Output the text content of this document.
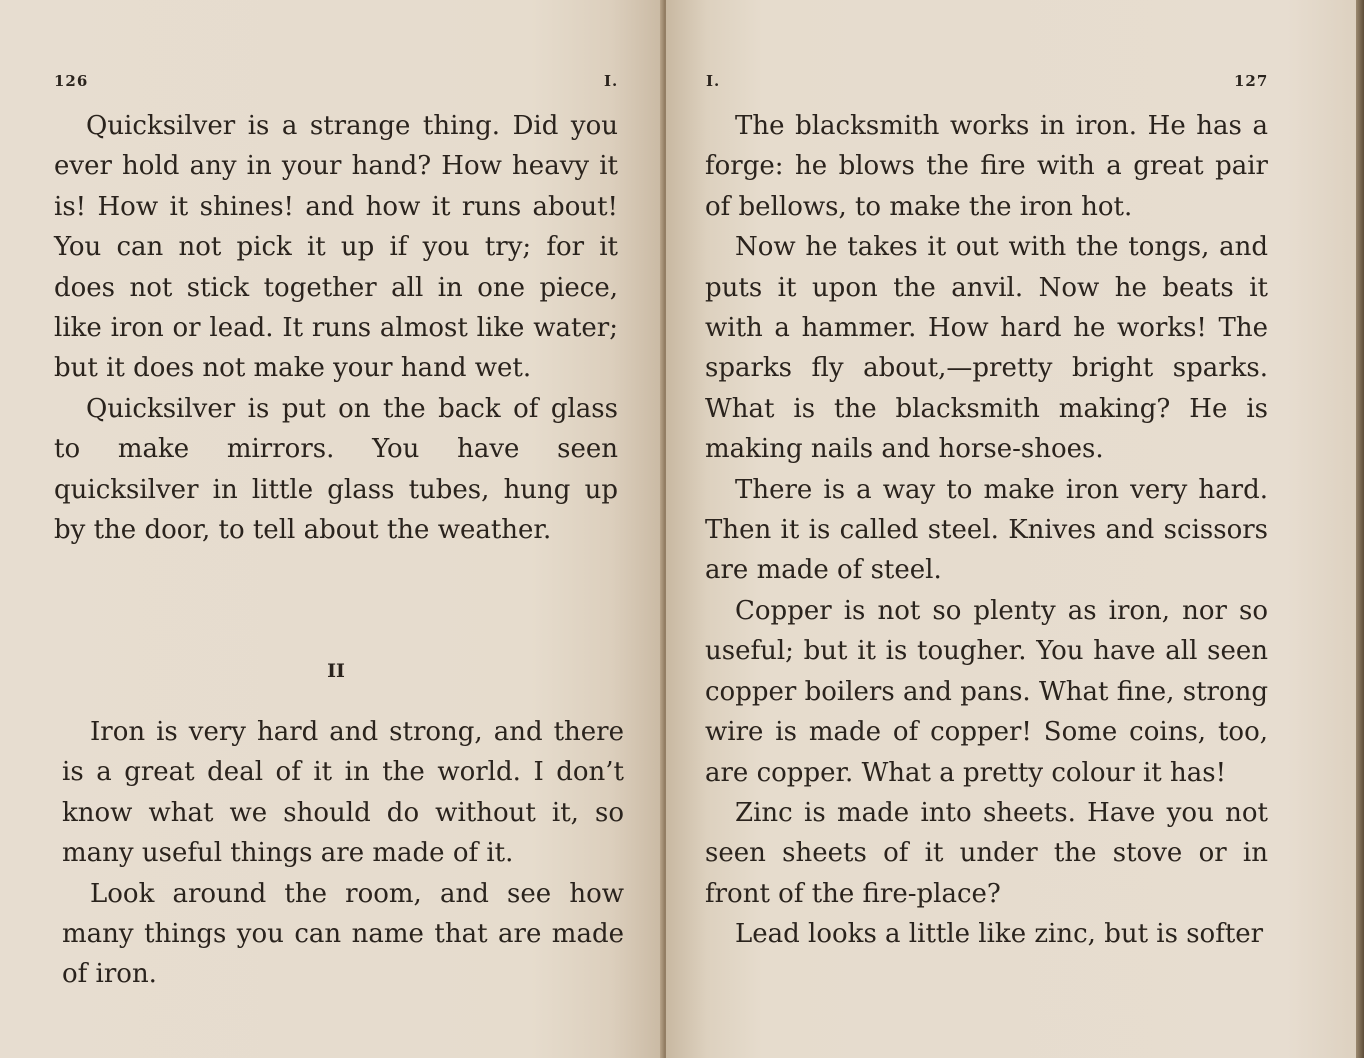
126	I.

Quicksilver is a strange thing. Did you ever hold any in your hand? How heavy it is! How it shines! and how it runs about! You can not pick it up if you try; for it does not stick together all in one piece, like iron or lead. It runs almost like water; but it does not make your hand wet.

Quicksilver is put on the back of glass to make mirrors. You have seen quicksilver in little glass tubes, hung up by the door, to tell about the weather.

II

Iron is very hard and strong, and there is a great deal of it in the world. I don’t know what we should do without it, so many useful things are made of it.

Look around the room, and see how many things you can name that are made of iron.

I.	127

The blacksmith works in iron. He has a forge: he blows the fire with a great pair of bellows, to make the iron hot.

Now he takes it out with the tongs, and puts it upon the anvil. Now he beats it with a hammer. How hard he works! The sparks fly about,—pretty bright sparks. What is the blacksmith making? He is making nails and horse-shoes.

There is a way to make iron very hard. Then it is called steel. Knives and scissors are made of steel.

Copper is not so plenty as iron, nor so useful; but it is tougher. You have all seen copper boilers and pans. What fine, strong wire is made of copper! Some coins, too, are copper. What a pretty colour it has!

Zinc is made into sheets. Have you not seen sheets of it under the stove or in front of the fire-place?

Lead looks a little like zinc, but is softer
